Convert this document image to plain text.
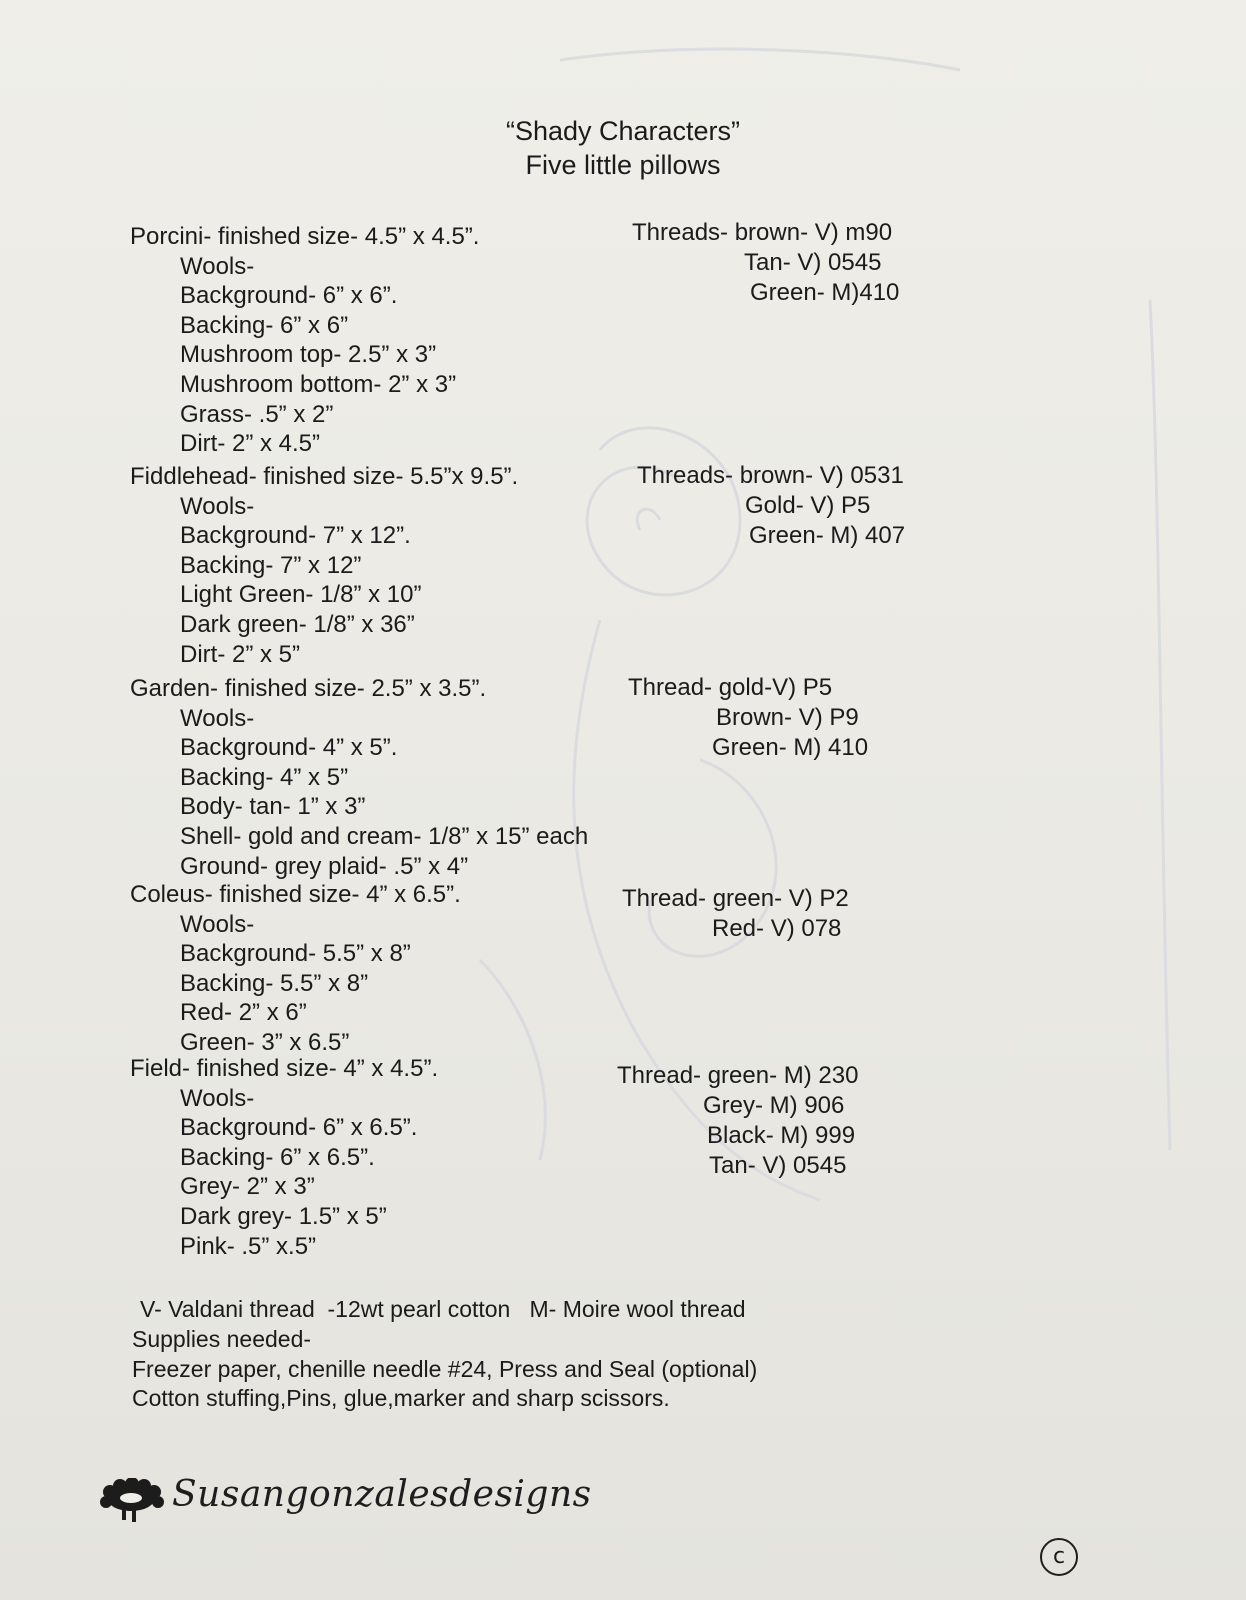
“Shady Characters”
Five little pillows
Porcini- finished size- 4.5” x 4.5”.
Wools-
Background- 6” x 6”.
Backing- 6” x 6”
Mushroom top- 2.5” x 3”
Mushroom bottom- 2” x 3”
Grass- .5” x 2”
Dirt- 2” x 4.5”
Threads- brown- V) m90
Tan- V) 0545
Green- M)410
Fiddlehead- finished size- 5.5”x 9.5”.
Wools-
Background- 7” x 12”.
Backing- 7” x 12”
Light Green- 1/8” x 10”
Dark green- 1/8” x 36”
Dirt- 2” x 5”
Threads- brown- V) 0531
Gold- V) P5
Green- M) 407
Garden- finished size- 2.5” x 3.5”.
Wools-
Background- 4” x 5”.
Backing- 4” x 5”
Body- tan- 1” x 3”
Shell- gold and cream- 1/8” x 15” each
Ground- grey plaid- .5” x 4”
Thread- gold-V) P5
Brown- V) P9
Green- M) 410
Coleus- finished size- 4” x 6.5”.
Wools-
Background- 5.5” x 8”
Backing- 5.5” x 8”
Red- 2” x 6”
Green- 3” x 6.5”
Thread- green- V) P2
Red- V) 078
Field- finished size- 4” x 4.5”.
Wools-
Background- 6” x 6.5”.
Backing- 6” x 6.5”.
Grey- 2” x 3”
Dark grey- 1.5” x 5”
Pink- .5” x.5”
Thread- green- M) 230
Grey- M) 906
Black- M) 999
Tan- V) 0545
V- Valdani thread  -12wt pearl cotton   M- Moire wool thread
Supplies needed-
Freezer paper, chenille needle #24, Press and Seal (optional)
Cotton stuffing,Pins, glue,marker and sharp scissors.
Susangonzalesdesigns
c
